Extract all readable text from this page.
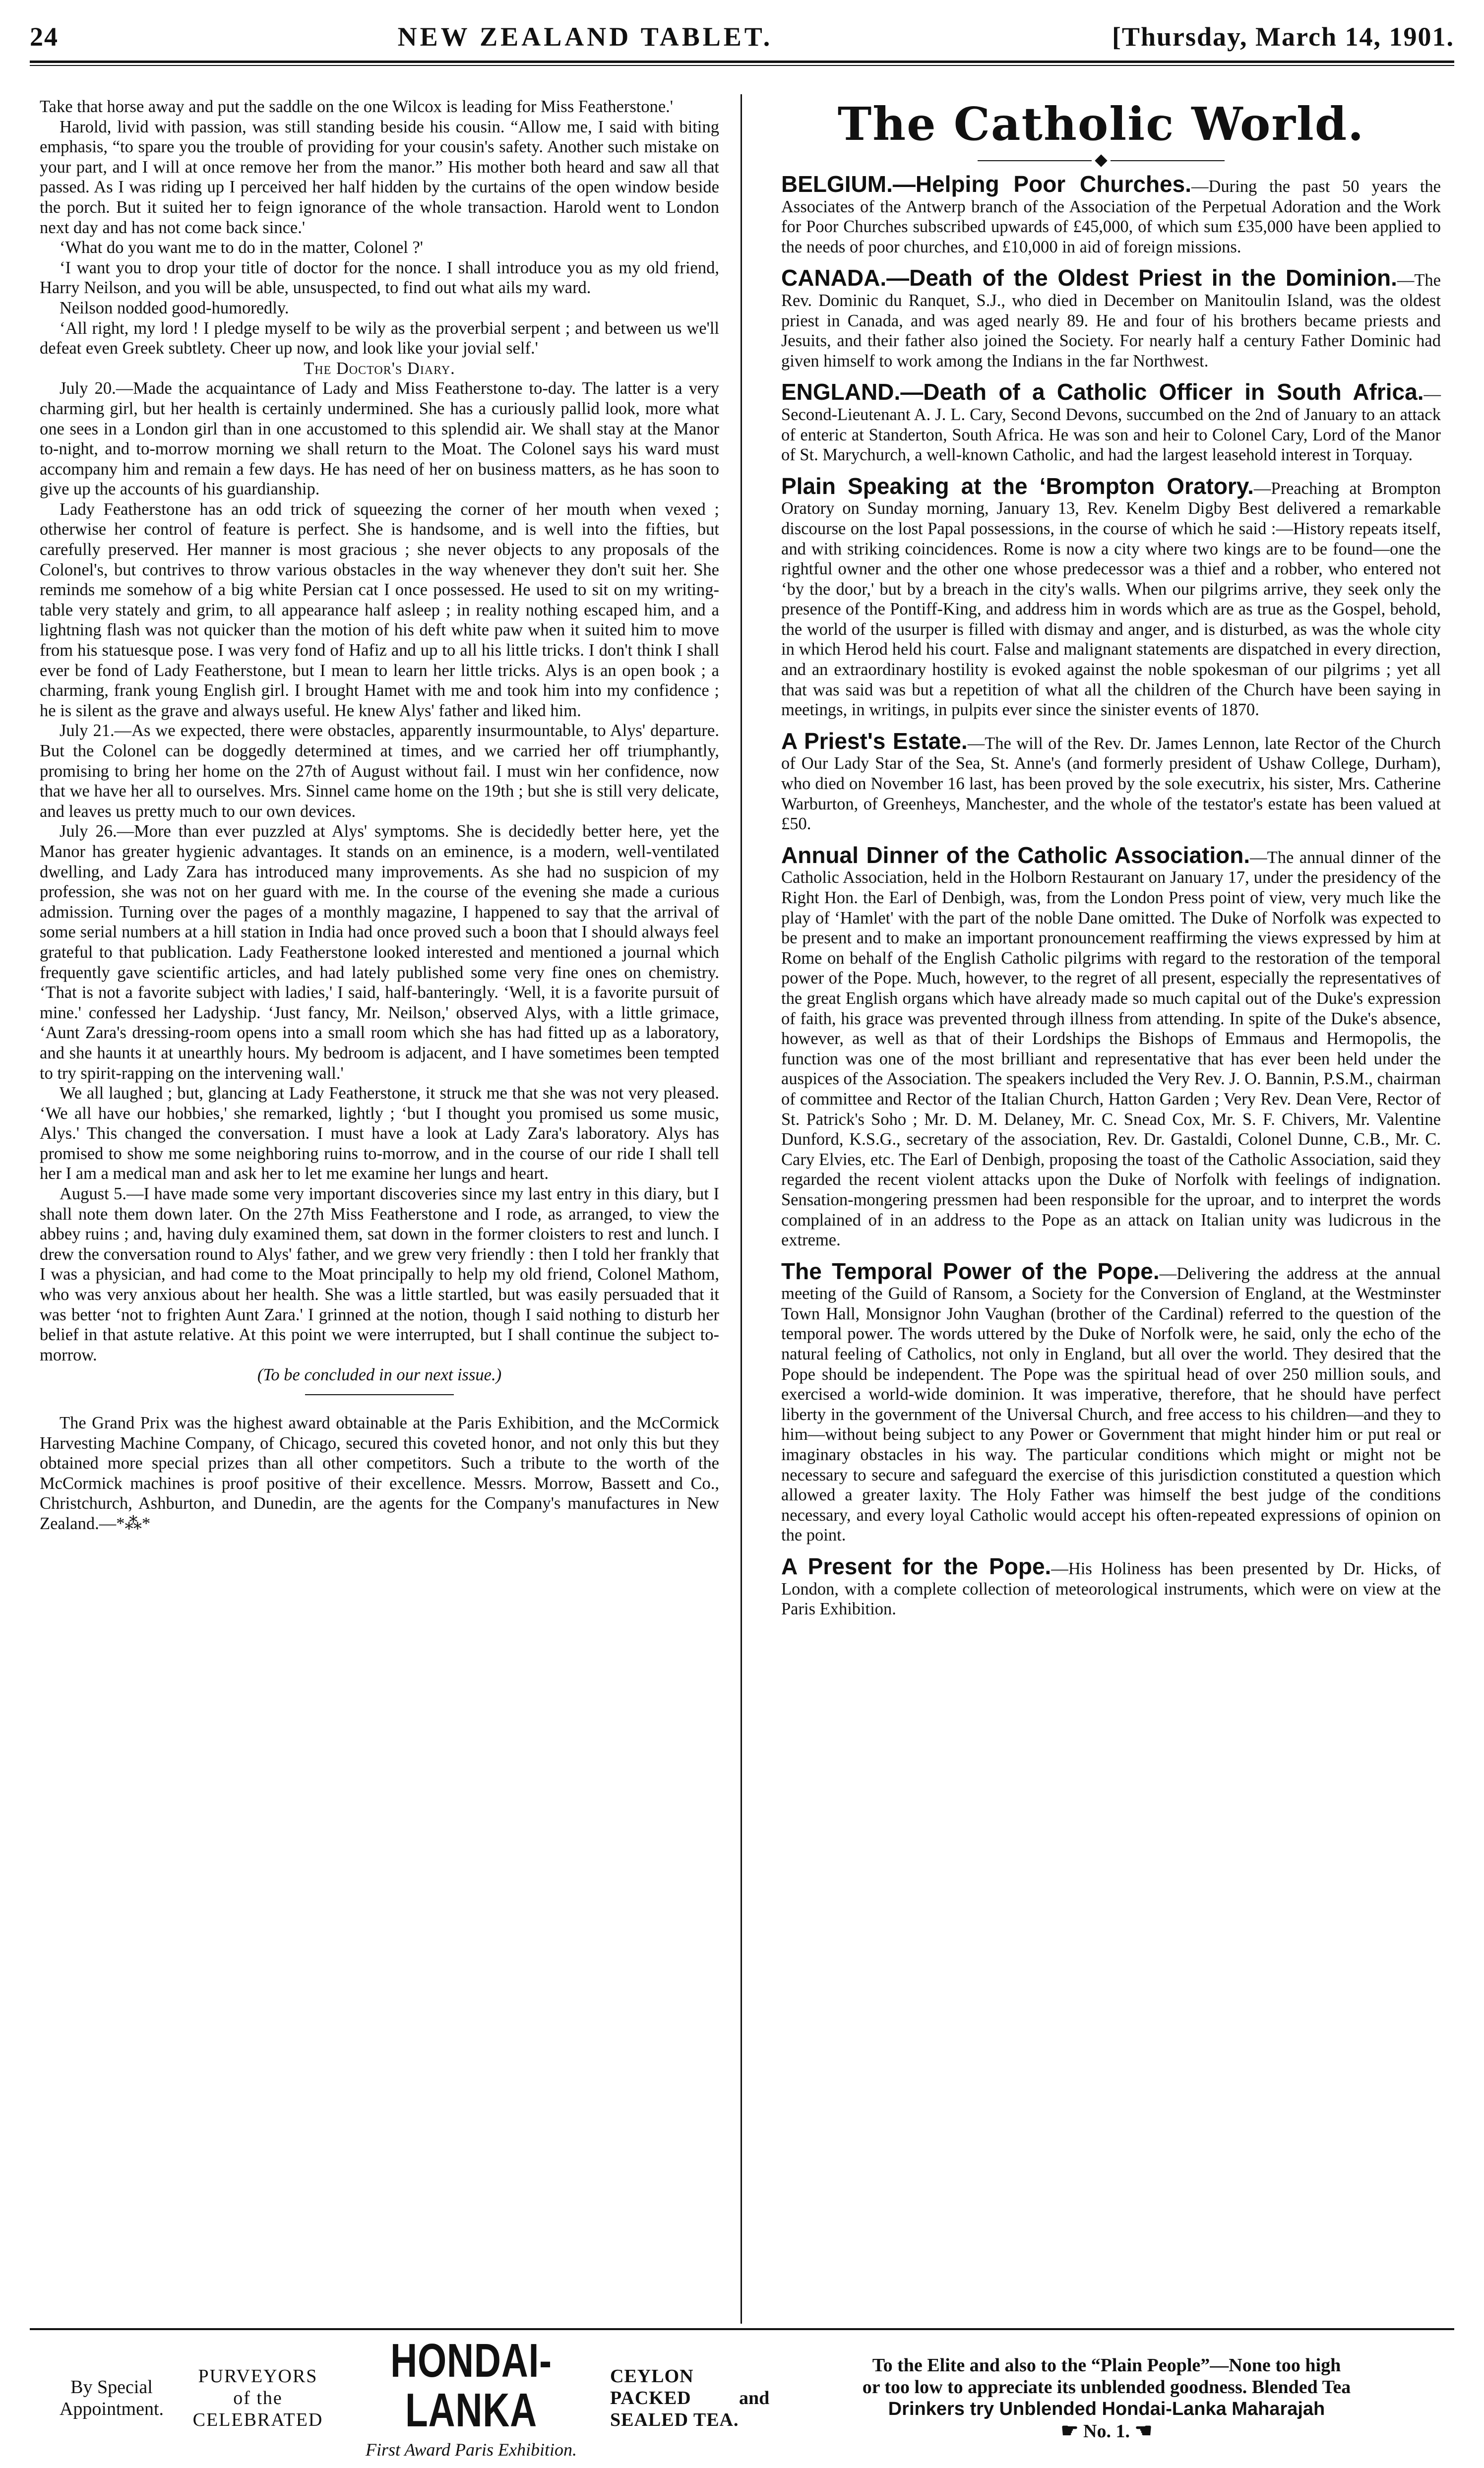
24	NEW ZEALAND TABLET.	[Thursday, March 14, 1901.

Take that horse away and put the saddle on the one Wilcox is leading for Miss Featherstone.'

Harold, livid with passion, was still standing beside his cousin. “Allow me, I said with biting emphasis, “to spare you the trouble of providing for your cousin's safety. Another such mistake on your part, and I will at once remove her from the manor.” His mother both heard and saw all that passed. As I was riding up I perceived her half hidden by the curtains of the open window beside the porch. But it suited her to feign ignorance of the whole transaction. Harold went to London next day and has not come back since.'

‘What do you want me to do in the matter, Colonel ?'

‘I want you to drop your title of doctor for the nonce. I shall introduce you as my old friend, Harry Neilson, and you will be able, unsuspected, to find out what ails my ward.

Neilson nodded good-humoredly.

‘All right, my lord ! I pledge myself to be wily as the proverbial serpent ; and between us we'll defeat even Greek subtlety. Cheer up now, and look like your jovial self.'

The Doctor's Diary.

July 20.—Made the acquaintance of Lady and Miss Featherstone to-day. The latter is a very charming girl, but her health is certainly undermined. She has a curiously pallid look, more what one sees in a London girl than in one accustomed to this splendid air. We shall stay at the Manor to-night, and to-morrow morning we shall return to the Moat. The Colonel says his ward must accompany him and remain a few days. He has need of her on business matters, as he has soon to give up the accounts of his guardianship.

Lady Featherstone has an odd trick of squeezing the corner of her mouth when vexed ; otherwise her control of feature is perfect. She is handsome, and is well into the fifties, but carefully preserved. Her manner is most gracious ; she never objects to any proposals of the Colonel's, but contrives to throw various obstacles in the way whenever they don't suit her. She reminds me somehow of a big white Persian cat I once possessed. He used to sit on my writing-table very stately and grim, to all appearance half asleep ; in reality nothing escaped him, and a lightning flash was not quicker than the motion of his deft white paw when it suited him to move from his statuesque pose. I was very fond of Hafiz and up to all his little tricks. I don't think I shall ever be fond of Lady Featherstone, but I mean to learn her little tricks. Alys is an open book ; a charming, frank young English girl. I brought Hamet with me and took him into my confidence ; he is silent as the grave and always useful. He knew Alys' father and liked him.

July 21.—As we expected, there were obstacles, apparently insurmountable, to Alys' departure. But the Colonel can be doggedly determined at times, and we carried her off triumphantly, promising to bring her home on the 27th of August without fail. I must win her confidence, now that we have her all to ourselves. Mrs. Sinnel came home on the 19th ; but she is still very delicate, and leaves us pretty much to our own devices.

July 26.—More than ever puzzled at Alys' symptoms. She is decidedly better here, yet the Manor has greater hygienic advantages. It stands on an eminence, is a modern, well-ventilated dwelling, and Lady Zara has introduced many improvements. As she had no suspicion of my profession, she was not on her guard with me. In the course of the evening she made a curious admission. Turning over the pages of a monthly magazine, I happened to say that the arrival of some serial numbers at a hill station in India had once proved such a boon that I should always feel grateful to that publication. Lady Featherstone looked interested and mentioned a journal which frequently gave scientific articles, and had lately published some very fine ones on chemistry. ‘That is not a favorite subject with ladies,' I said, half-banteringly. ‘Well, it is a favorite pursuit of mine.' confessed her Ladyship. ‘Just fancy, Mr. Neilson,' observed Alys, with a little grimace, ‘Aunt Zara's dressing-room opens into a small room which she has had fitted up as a laboratory, and she haunts it at unearthly hours. My bedroom is adjacent, and I have sometimes been tempted to try spirit-rapping on the intervening wall.'

We all laughed ; but, glancing at Lady Featherstone, it struck me that she was not very pleased. ‘We all have our hobbies,' she remarked, lightly ; ‘but I thought you promised us some music, Alys.' This changed the conversation. I must have a look at Lady Zara's laboratory. Alys has promised to show me some neighboring ruins to-morrow, and in the course of our ride I shall tell her I am a medical man and ask her to let me examine her lungs and heart.

August 5.—I have made some very important discoveries since my last entry in this diary, but I shall note them down later. On the 27th Miss Featherstone and I rode, as arranged, to view the abbey ruins ; and, having duly examined them, sat down in the former cloisters to rest and lunch. I drew the conversation round to Alys' father, and we grew very friendly : then I told her frankly that I was a physician, and had come to the Moat principally to help my old friend, Colonel Mathom, who was very anxious about her health. She was a little startled, but was easily persuaded that it was better ‘not to frighten Aunt Zara.' I grinned at the notion, though I said nothing to disturb her belief in that astute relative. At this point we were interrupted, but I shall continue the subject to-morrow.

(To be concluded in our next issue.)

The Grand Prix was the highest award obtainable at the Paris Exhibition, and the McCormick Harvesting Machine Company, of Chicago, secured this coveted honor, and not only this but they obtained more special prizes than all other competitors. Such a tribute to the worth of the McCormick machines is proof positive of their excellence. Messrs. Morrow, Bassett and Co., Christchurch, Ashburton, and Dunedin, are the agents for the Company's manufactures in New Zealand.—*⁂*

The Catholic World.

BELGIUM.—Helping Poor Churches.—During the past 50 years the Associates of the Antwerp branch of the Association of the Perpetual Adoration and the Work for Poor Churches subscribed upwards of £45,000, of which sum £35,000 have been applied to the needs of poor churches, and £10,000 in aid of foreign missions.

CANADA.—Death of the Oldest Priest in the Dominion.—The Rev. Dominic du Ranquet, S.J., who died in December on Manitoulin Island, was the oldest priest in Canada, and was aged nearly 89. He and four of his brothers became priests and Jesuits, and their father also joined the Society. For nearly half a century Father Dominic had given himself to work among the Indians in the far Northwest.

ENGLAND.—Death of a Catholic Officer in South Africa.—Second-Lieutenant A. J. L. Cary, Second Devons, succumbed on the 2nd of January to an attack of enteric at Standerton, South Africa. He was son and heir to Colonel Cary, Lord of the Manor of St. Marychurch, a well-known Catholic, and had the largest leasehold interest in Torquay.

Plain Speaking at the ‘Brompton Oratory.—Preaching at Brompton Oratory on Sunday morning, January 13, Rev. Kenelm Digby Best delivered a remarkable discourse on the lost Papal possessions, in the course of which he said :—History repeats itself, and with striking coincidences. Rome is now a city where two kings are to be found—one the rightful owner and the other one whose predecessor was a thief and a robber, who entered not ‘by the door,' but by a breach in the city's walls. When our pilgrims arrive, they seek only the presence of the Pontiff-King, and address him in words which are as true as the Gospel, behold, the world of the usurper is filled with dismay and anger, and is disturbed, as was the whole city in which Herod held his court. False and malignant statements are dispatched in every direction, and an extraordinary hostility is evoked against the noble spokesman of our pilgrims ; yet all that was said was but a repetition of what all the children of the Church have been saying in meetings, in writings, in pulpits ever since the sinister events of 1870.

A Priest's Estate.—The will of the Rev. Dr. James Lennon, late Rector of the Church of Our Lady Star of the Sea, St. Anne's (and formerly president of Ushaw College, Durham), who died on November 16 last, has been proved by the sole executrix, his sister, Mrs. Catherine Warburton, of Greenheys, Manchester, and the whole of the testator's estate has been valued at £50.

Annual Dinner of the Catholic Association.—The annual dinner of the Catholic Association, held in the Holborn Restaurant on January 17, under the presidency of the Right Hon. the Earl of Denbigh, was, from the London Press point of view, very much like the play of ‘Hamlet' with the part of the noble Dane omitted. The Duke of Norfolk was expected to be present and to make an important pronouncement reaffirming the views expressed by him at Rome on behalf of the English Catholic pilgrims with regard to the restoration of the temporal power of the Pope. Much, however, to the regret of all present, especially the representatives of the great English organs which have already made so much capital out of the Duke's expression of faith, his grace was prevented through illness from attending. In spite of the Duke's absence, however, as well as that of their Lordships the Bishops of Emmaus and Hermopolis, the function was one of the most brilliant and representative that has ever been held under the auspices of the Association. The speakers included the Very Rev. J. O. Bannin, P.S.M., chairman of committee and Rector of the Italian Church, Hatton Garden ; Very Rev. Dean Vere, Rector of St. Patrick's Soho ; Mr. D. M. Delaney, Mr. C. Snead Cox, Mr. S. F. Chivers, Mr. Valentine Dunford, K.S.G., secretary of the association, Rev. Dr. Gastaldi, Colonel Dunne, C.B., Mr. C. Cary Elvies, etc. The Earl of Denbigh, proposing the toast of the Catholic Association, said they regarded the recent violent attacks upon the Duke of Norfolk with feelings of indignation. Sensation-mongering pressmen had been responsible for the uproar, and to interpret the words complained of in an address to the Pope as an attack on Italian unity was ludicrous in the extreme.

The Temporal Power of the Pope.—Delivering the address at the annual meeting of the Guild of Ransom, a Society for the Conversion of England, at the Westminster Town Hall, Monsignor John Vaughan (brother of the Cardinal) referred to the question of the temporal power. The words uttered by the Duke of Norfolk were, he said, only the echo of the natural feeling of Catholics, not only in England, but all over the world. They desired that the Pope should be independent. The Pope was the spiritual head of over 250 million souls, and exercised a world-wide dominion. It was imperative, therefore, that he should have perfect liberty in the government of the Universal Church, and free access to his children—and they to him—without being subject to any Power or Government that might hinder him or put real or imaginary obstacles in his way. The particular conditions which might or might not be necessary to secure and safeguard the exercise of this jurisdiction constituted a question which allowed a greater laxity. The Holy Father was himself the best judge of the conditions necessary, and every loyal Catholic would accept his often-repeated expressions of opinion on the point.

A Present for the Pope.—His Holiness has been presented by Dr. Hicks, of London, with a complete collection of meteorological instruments, which were on view at the Paris Exhibition.

By Special
Appointment.
PURVEYORS
of the
CELEBRATED
HONDAI-LANKA
First Award Paris Exhibition.
CEYLON
PACKED
SEALED TEA.
and
To the Elite and also to the “Plain People”—None too high
or too low to appreciate its unblended goodness. Blended Tea
Drinkers try Unblended Hondai-Lanka Maharajah
☛ No. 1. ☚
